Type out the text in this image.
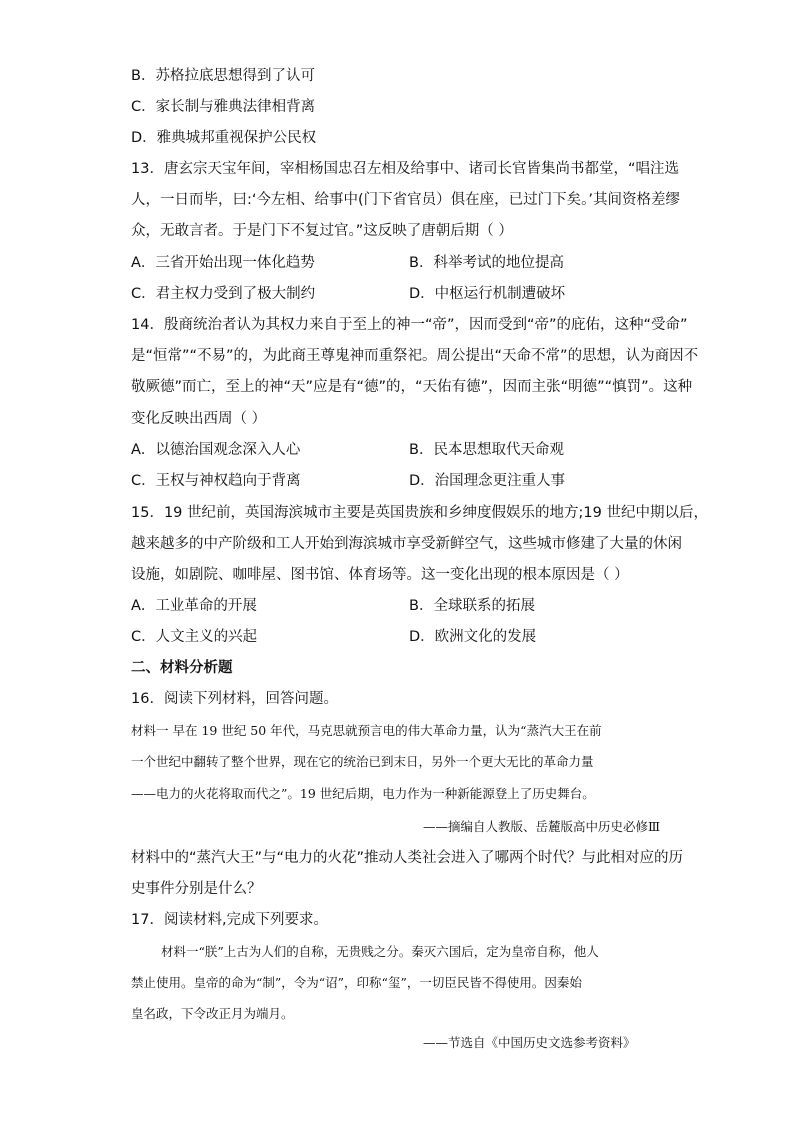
B．苏格拉底思想得到了认可
C．家长制与雅典法律相背离
D．雅典城邦重视保护公民权
13．唐玄宗天宝年间，宰相杨国忠召左相及给事中、诸司长官皆集尚书都堂，“唱注选
人，一日而毕，曰:‘今左相、给事中(门下省官员）俱在座，已过门下矣。’其间资格差缪
众，无敢言者。于是门下不复过官。”这反映了唐朝后期（ ）
A．三省开始出现一体化趋势	B．科举考试的地位提高
C．君主权力受到了极大制约	D．中枢运行机制遭破坏
14．殷商统治者认为其权力来自于至上的神一“帝”，因而受到“帝”的庇佑，这种“受命”
是“恒常”“不易”的，为此商王尊鬼神而重祭祀。周公提出“天命不常”的思想，认为商因不
敬厥德”而亡，至上的神“天”应是有“德”的，“天佑有德”，因而主张“明德”“慎罚”。这种
变化反映出西周（ ）
A．以德治国观念深入人心	B．民本思想取代天命观
C．王权与神权趋向于背离	D．治国理念更注重人事
15．19 世纪前，英国海滨城市主要是英国贵族和乡绅度假娱乐的地方;19 世纪中期以后，
越来越多的中产阶级和工人开始到海滨城市享受新鲜空气，这些城市修建了大量的休闲
设施，如剧院、咖啡屋、图书馆、体育场等。这一变化出现的根本原因是（ ）
A．工业革命的开展	B．全球联系的拓展
C．人文主义的兴起	D．欧洲文化的发展
二、材料分析题
16．阅读下列材料，回答问题。
材料一 早在 19 世纪 50 年代，马克思就预言电的伟大革命力量，认为“蒸汽大王在前
一个世纪中翻转了整个世界，现在它的统治已到末日，另外一个更大无比的革命力量
——电力的火花将取而代之”。19 世纪后期，电力作为一种新能源登上了历史舞台。
——摘编自人教版、岳麓版高中历史必修Ⅲ
材料中的“蒸汽大王”与“电力的火花”推动人类社会进入了哪两个时代？与此相对应的历
史事件分别是什么？
17．阅读材料,完成下列要求。
材料一“朕”上古为人们的自称，无贵贱之分。秦灭六国后，定为皇帝自称，他人
禁止使用。皇帝的命为“制”，令为“诏”，印称“玺”，一切臣民皆不得使用。因秦始
皇名政，下令改正月为端月。
——节选自《中国历史文选参考资料》
